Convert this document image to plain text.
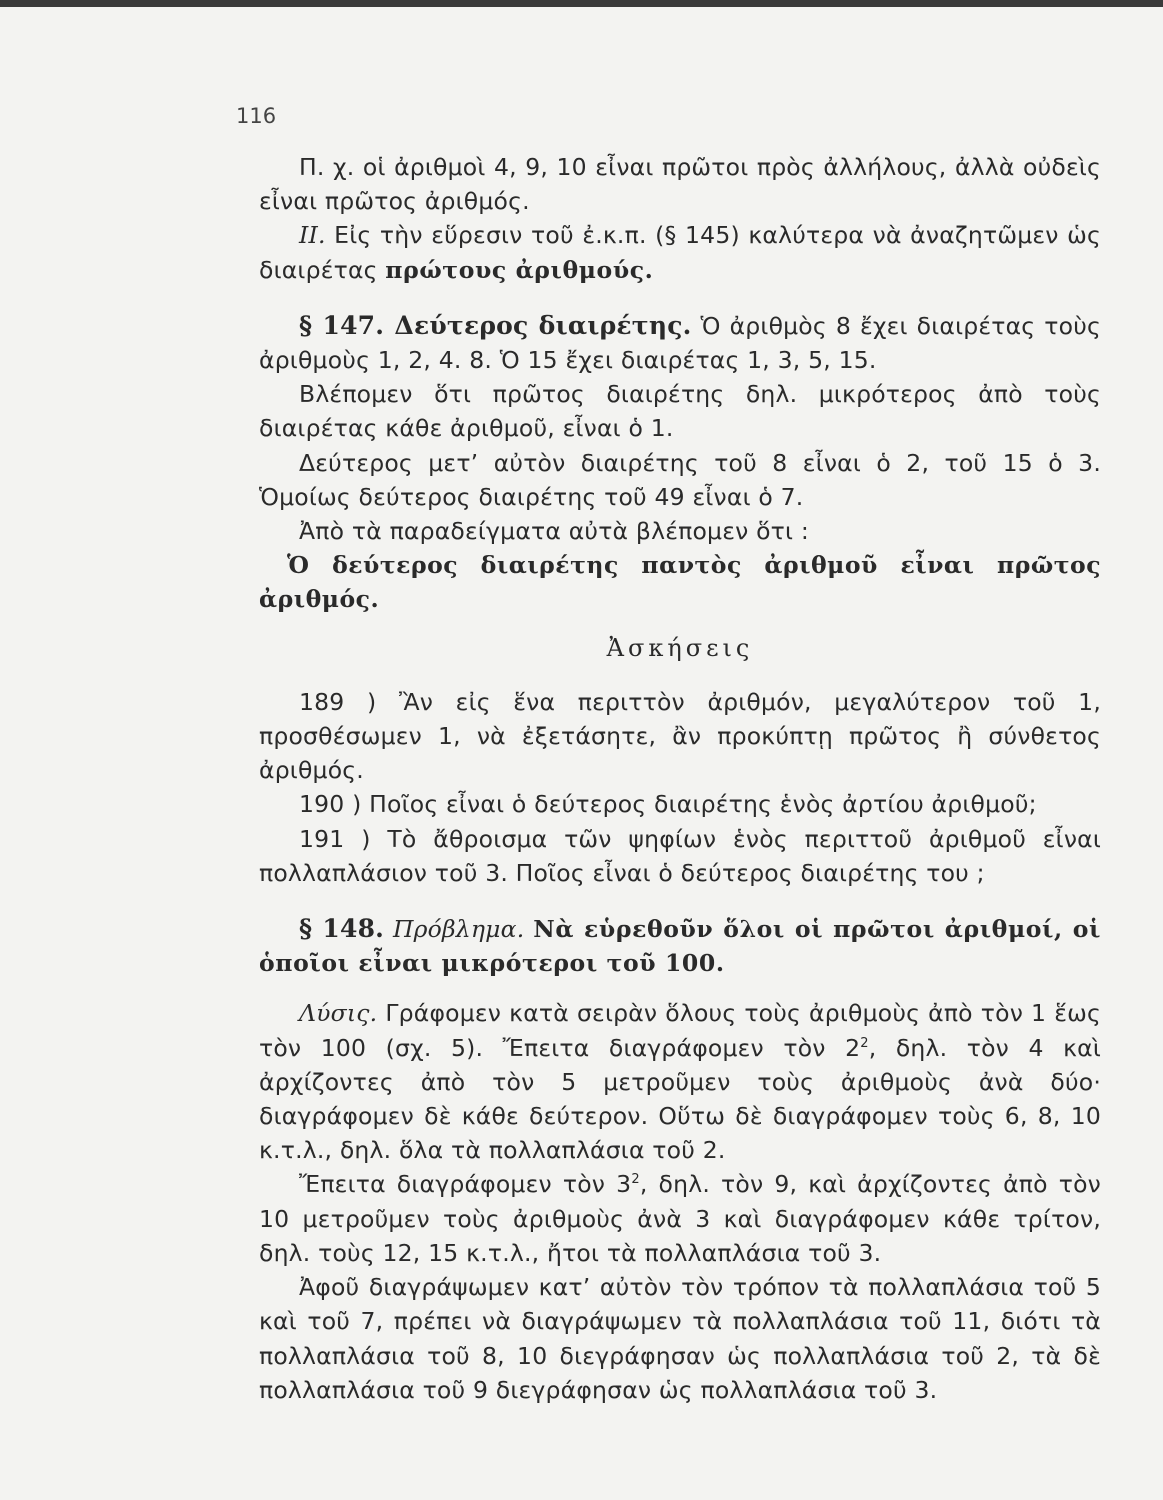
116

Π. χ. οἱ ἀριθμοὶ 4, 9, 10 εἶναι πρῶτοι πρὸς ἀλλήλους, ἀλλὰ οὐδεὶς εἶναι πρῶτος ἀριθμός.

ΙΙ. Εἰς τὴν εὕρεσιν τοῦ ἐ.κ.π. (§ 145) καλύτερα νὰ ἀναζητῶμεν ὡς διαιρέτας πρώτους ἀριθμούς.

§ 147. Δεύτερος διαιρέτης. Ὁ ἀριθμὸς 8 ἔχει διαιρέτας τοὺς ἀριθμοὺς 1, 2, 4. 8. Ὁ 15 ἔχει διαιρέτας 1, 3, 5, 15.

Βλέπομεν ὅτι πρῶτος διαιρέτης δηλ. μικρότερος ἀπὸ τοὺς διαιρέτας κάθε ἀριθμοῦ, εἶναι ὁ 1.

Δεύτερος μετ’ αὐτὸν διαιρέτης τοῦ 8 εἶναι ὁ 2, τοῦ 15 ὁ 3. Ὁμοίως δεύτερος διαιρέτης τοῦ 49 εἶναι ὁ 7.

Ἀπὸ τὰ παραδείγματα αὐτὰ βλέπομεν ὅτι :

Ὁ δεύτερος διαιρέτης παντὸς ἀριθμοῦ εἶναι πρῶτος ἀριθμός.

Ἀσκήσεις

189 ) Ἂν εἰς ἕνα περιττὸν ἀριθμόν, μεγαλύτερον τοῦ 1, προσθέσωμεν 1, νὰ ἐξετάσητε, ἂν προκύπτῃ πρῶτος ἢ σύνθετος ἀριθμός.

190 ) Ποῖος εἶναι ὁ δεύτερος διαιρέτης ἑνὸς ἀρτίου ἀριθμοῦ;

191 ) Τὸ ἄθροισμα τῶν ψηφίων ἑνὸς περιττοῦ ἀριθμοῦ εἶναι πολλαπλάσιον τοῦ 3. Ποῖος εἶναι ὁ δεύτερος διαιρέτης του ;

§ 148. Πρόβλημα. Νὰ εὑρεθοῦν ὅλοι οἱ πρῶτοι ἀριθμοί, οἱ ὁποῖοι εἶναι μικρότεροι τοῦ 100.

Λύσις. Γράφομεν κατὰ σειρὰν ὅλους τοὺς ἀριθμοὺς ἀπὸ τὸν 1 ἕως τὸν 100 (σχ. 5). Ἔπειτα διαγράφομεν τὸν $2^2$, δηλ. τὸν 4 καὶ ἀρχίζοντες ἀπὸ τὸν 5 μετροῦμεν τοὺς ἀριθμοὺς ἀνὰ δύο· διαγράφομεν δὲ κάθε δεύτερον. Οὕτω δὲ διαγράφομεν τοὺς 6, 8, 10 κ.τ.λ., δηλ. ὅλα τὰ πολλαπλάσια τοῦ 2.

Ἔπειτα διαγράφομεν τὸν $3^2$, δηλ. τὸν 9, καὶ ἀρχίζοντες ἀπὸ τὸν 10 μετροῦμεν τοὺς ἀριθμοὺς ἀνὰ 3 καὶ διαγράφομεν κάθε τρίτον, δηλ. τοὺς 12, 15 κ.τ.λ., ἤτοι τὰ πολλαπλάσια τοῦ 3.

Ἀφοῦ διαγράψωμεν κατ’ αὐτὸν τὸν τρόπον τὰ πολλαπλάσια τοῦ 5 καὶ τοῦ 7, πρέπει νὰ διαγράψωμεν τὰ πολλαπλάσια τοῦ 11, διότι τὰ πολλαπλάσια τοῦ 8, 10 διεγράφησαν ὡς πολλαπλάσια τοῦ 2, τὰ δὲ πολλαπλάσια τοῦ 9 διεγράφησαν ὡς πολλαπλάσια τοῦ 3.
